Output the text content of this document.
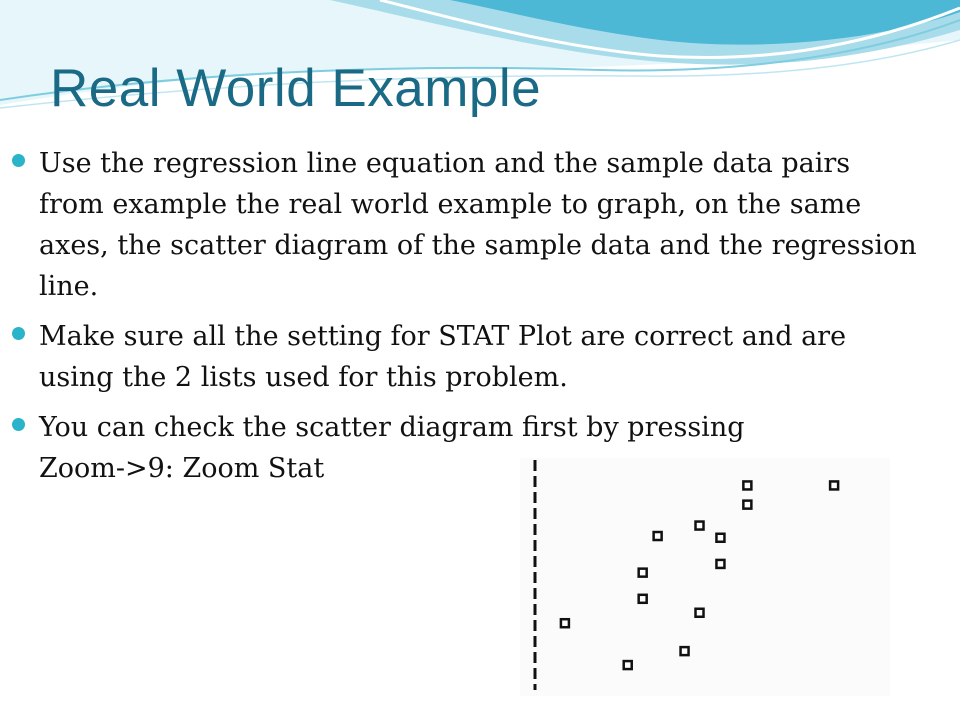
Real World Example
Use the regression line equation and the sample data pairs from example the real world example to graph, on the same axes, the scatter diagram of the sample data and the regression line.
Make sure all the setting for STAT Plot are correct and are using the 2 lists used for this problem.
You can check the scatter diagram first by pressing Zoom->9: Zoom Stat
